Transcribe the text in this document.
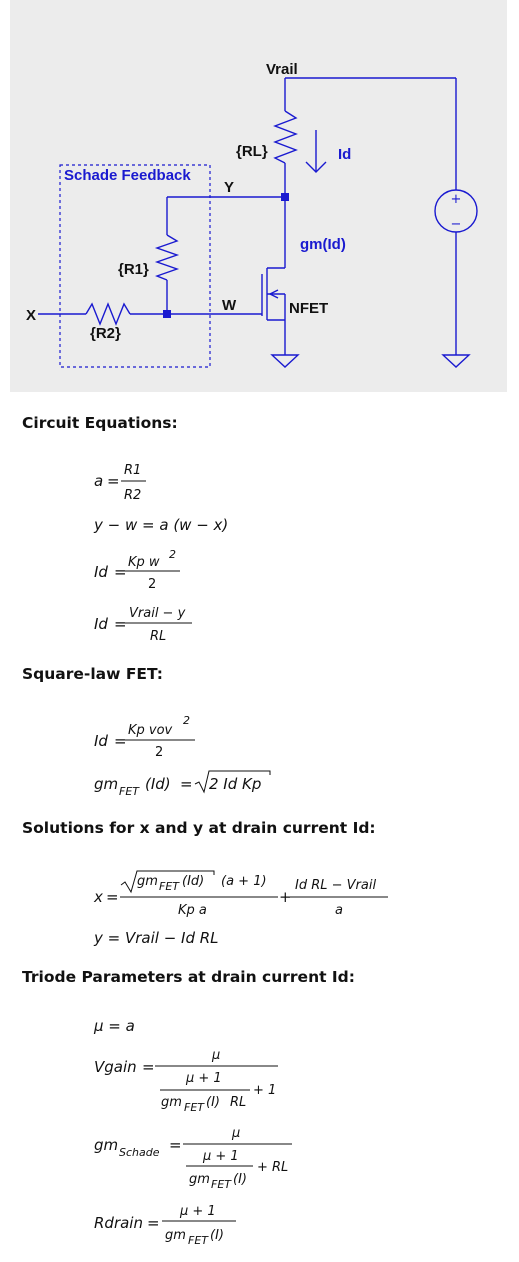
+
−
Vrail
{RL}	Id
Schade Feedback
Y
gm(Id)
{R1}
X
W	NFET
{R2}
Circuit Equations:
Square-law FET:
Solutions for x and y at drain current Id:
Triode Parameters at drain current Id:
a =
R1
R2
y − w = a (w − x)
Id =
Kp w
2
2
Id =
Vrail − y
RL
Id =
Kp vov
2
2
gm FET (Id) = 2 Id Kp
x =
gm FET (Id) (a + 1)
Kp a
+
Id RL − Vrail
a
y = Vrail − Id RL
μ = a
Vgain =
μ
μ + 1
gm FET (I) RL
+ 1
gm Schade =
μ
μ + 1
gm FET (I)
+ RL
Rdrain =
μ + 1
gm FET (I)
